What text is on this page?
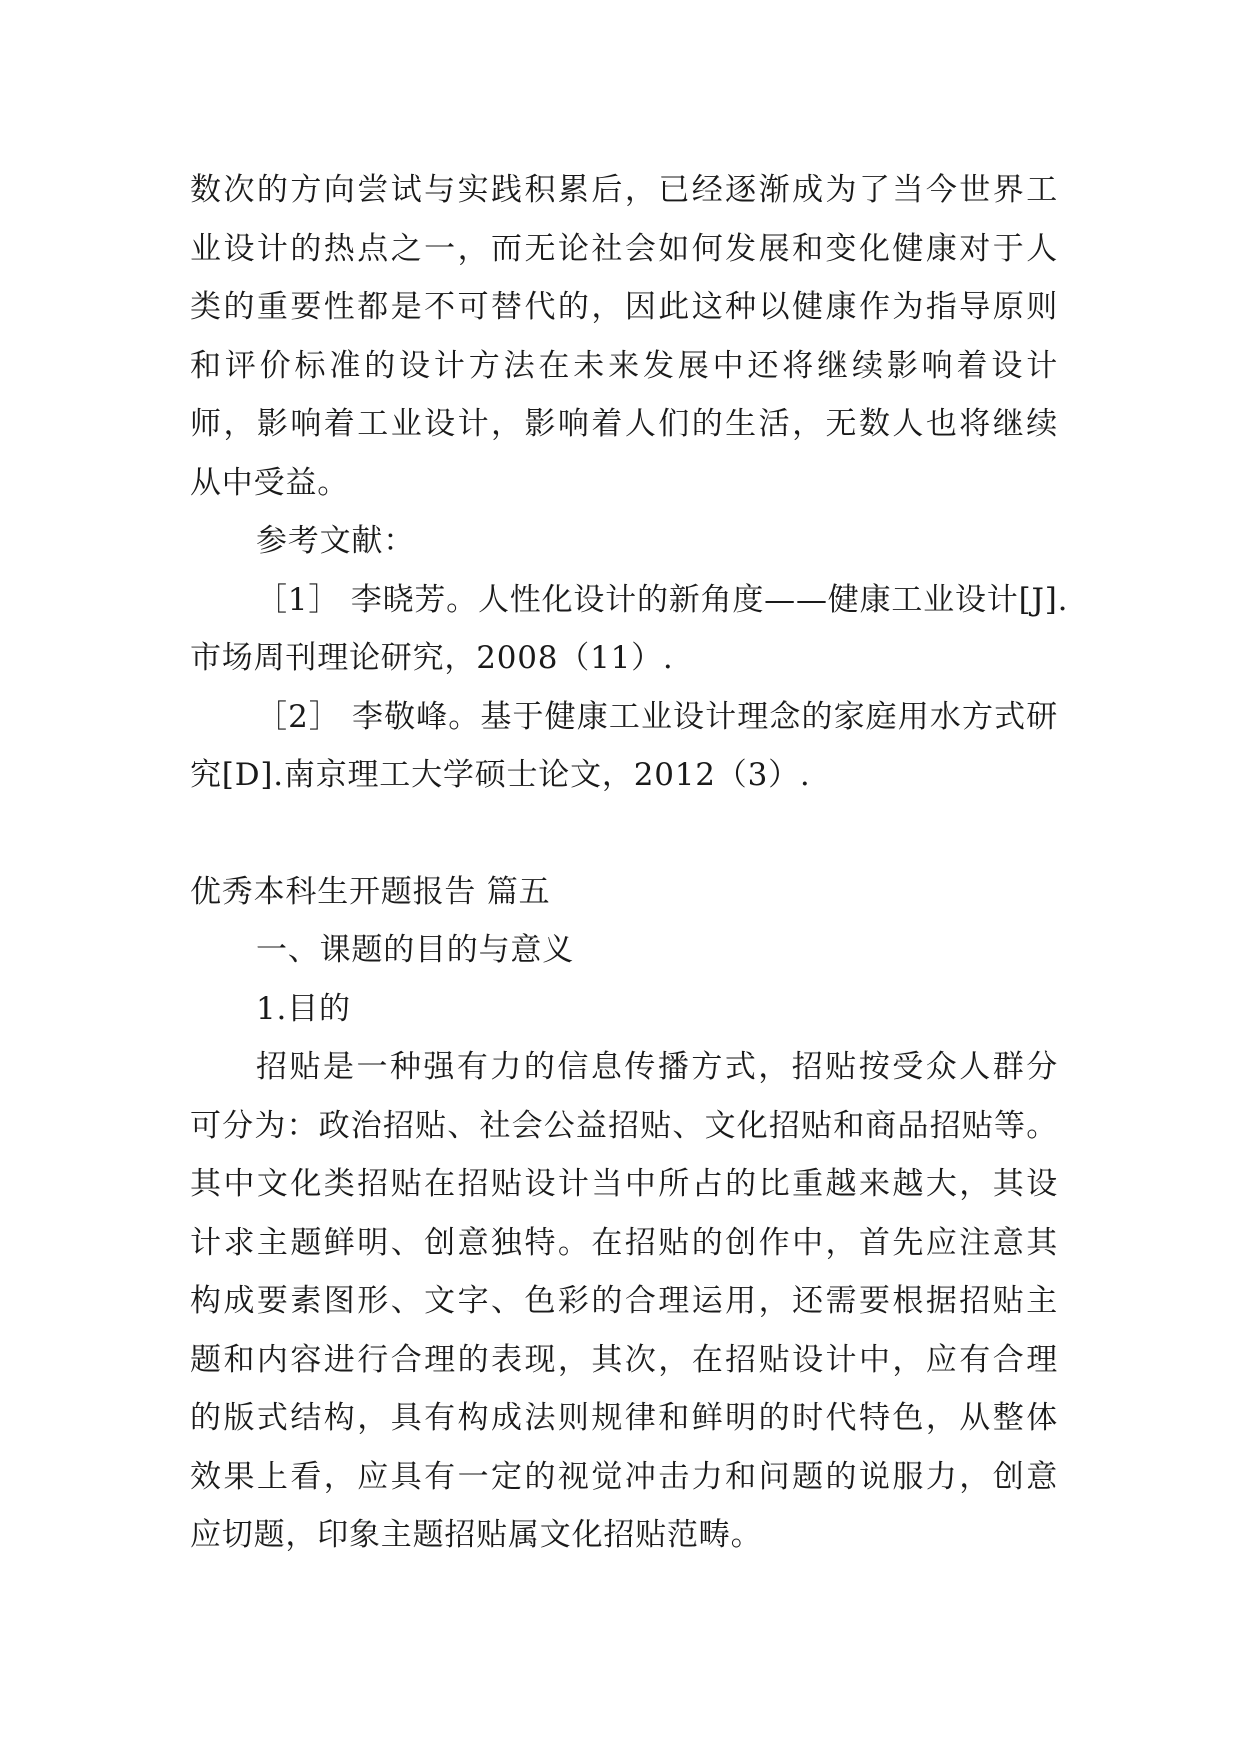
数次的方向尝试与实践积累后，已经逐渐成为了当今世界工
业设计的热点之一，而无论社会如何发展和变化健康对于人
类的重要性都是不可替代的，因此这种以健康作为指导原则
和评价标准的设计方法在未来发展中还将继续影响着设计
师，影响着工业设计，影响着人们的生活，无数人也将继续
从中受益。
参考文献：
［1］ 李晓芳。人性化设计的新角度——健康工业设计[J].
市场周刊理论研究，2008（11）.
［2］ 李敬峰。基于健康工业设计理念的家庭用水方式研
究[D].南京理工大学硕士论文，2012（3）.
优秀本科生开题报告 篇五
一、课题的目的与意义
1.目的
招贴是一种强有力的信息传播方式，招贴按受众人群分
可分为：政治招贴、社会公益招贴、文化招贴和商品招贴等。
其中文化类招贴在招贴设计当中所占的比重越来越大，其设
计求主题鲜明、创意独特。在招贴的创作中，首先应注意其
构成要素图形、文字、色彩的合理运用，还需要根据招贴主
题和内容进行合理的表现，其次，在招贴设计中，应有合理
的版式结构，具有构成法则规律和鲜明的时代特色，从整体
效果上看，应具有一定的视觉冲击力和问题的说服力，创意
应切题，印象主题招贴属文化招贴范畴。
